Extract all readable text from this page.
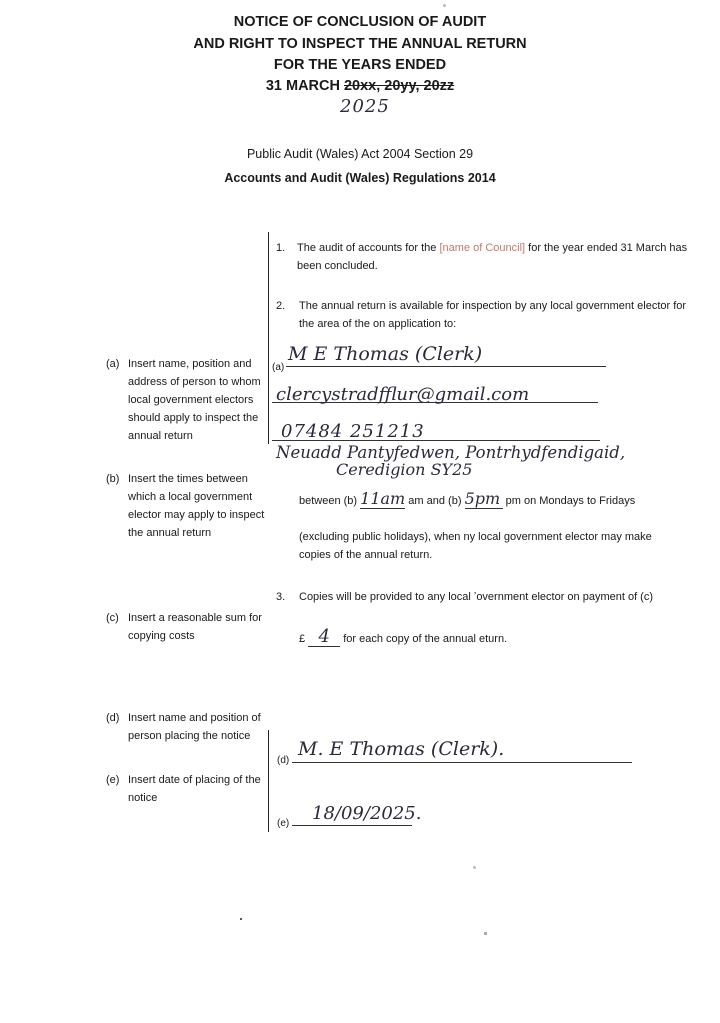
NOTICE OF CONCLUSION OF AUDIT
AND RIGHT TO INSPECT THE ANNUAL RETURN
FOR THE YEARS ENDED
31 MARCH 20xx, 20yy, 20zz
2025
Public Audit (Wales) Act 2004 Section 29
Accounts and Audit (Wales) Regulations 2014
(a) Insert name, position and address of person to whom local government electors should apply to inspect the annual return
(b) Insert the times between which a local government elector may apply to inspect the annual return
(c) Insert a reasonable sum for copying costs
(d) Insert name and position of person placing the notice
(e) Insert date of placing of the notice
1. The audit of accounts for the [name of Council] for the year ended 31 March has been concluded.
2. The annual return is available for inspection by any local government elector for the area of the on application to:
(a)
M E Thomas (Clerk)
clercystradfflur@gmail.com
07484 251213
Neuadd Pantyfedwen, Pontrhydfendigaid,
Ceredigion SY25
between (b) 11am am and (b) 5pm pm on Mondays to Fridays
(excluding public holidays), when ny local government elector may make copies of the annual return.
3. Copies will be provided to any local ʼovernment elector on payment of (c)
£ 4 for each copy of the annual eturn.
(d)
M. E Thomas (Clerk).
(e) 18/09/2025.
